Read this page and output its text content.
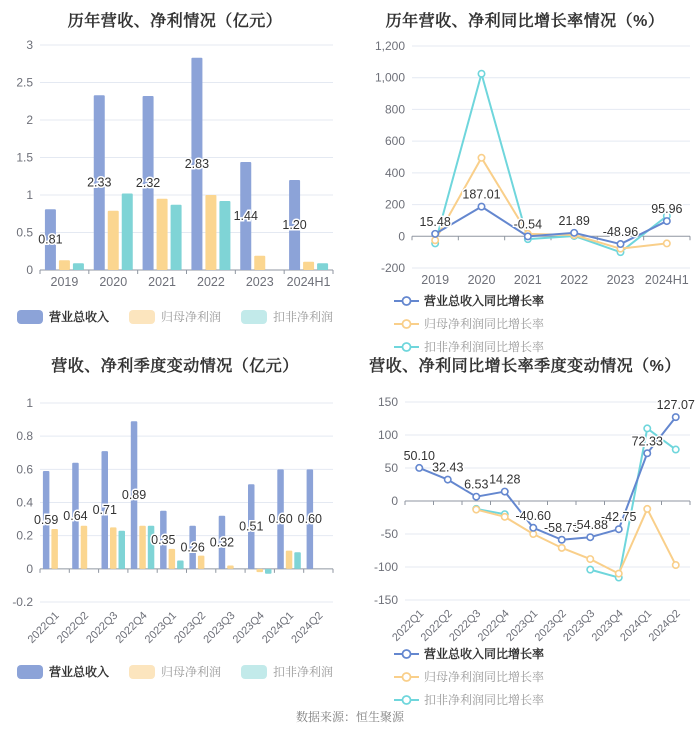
历年营收、净利情况（亿元）
0
0.5
1
1.5
2
2.5
3
2019 2020 2021 2022 2023 2024H1
0.81
2.33 2.32
2.83
1.44
1.20
营业总收入	归母净利润	扣非净利润
历年营收、净利同比增长率情况（%）
-200
0
200
400
600
800
1,000
1,200
2019 2020 2021 2022 2023 2024H1
15.48
187.01
-0.54 21.89
-48.96
95.96
营业总收入同比增长率
归母净利润同比增长率
扣非净利润同比增长率
营收、净利季度变动情况（亿元）
-0.2
0
0.2
0.4
0.6
0.8
1
2022Q1
2022Q2
2022Q3
2022Q4
2023Q1
2023Q2
2023Q3
2023Q4
2024Q1
2024Q2
0.59 0.64 0.71
0.89
0.35
0.26 0.32
0.51
0.60 0.60
营业总收入	归母净利润	扣非净利润
营收、净利同比增长率季度变动情况（%）
-150
-100
-50
0
50
100
150
2022Q1
2022Q2
2022Q3
2022Q4
2023Q1
2023Q2
2023Q3
2023Q4
2024Q1
2024Q2
50.10
32.43
6.53 14.28
-40.60
-58.73
-54.88
-42.75
72.33
127.07
营业总收入同比增长率
归母净利润同比增长率
扣非净利润同比增长率
数据来源：恒生聚源
